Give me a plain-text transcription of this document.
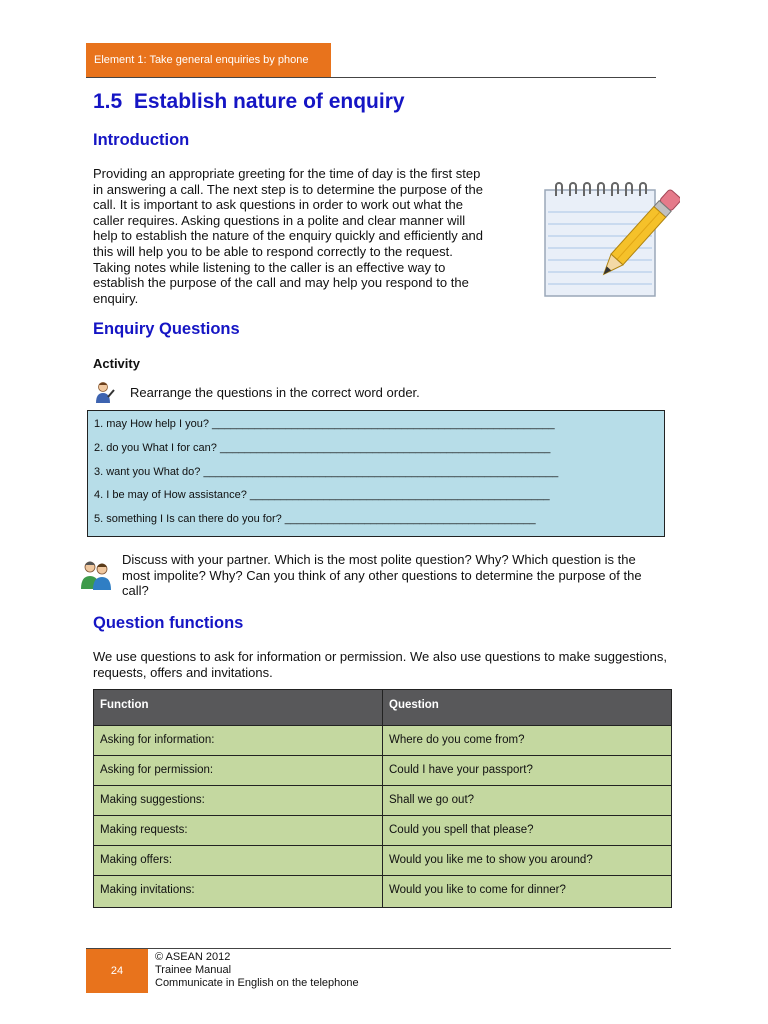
Element 1: Take general enquiries by phone
1.5  Establish nature of enquiry
Introduction
Providing an appropriate greeting for the time of day is the first step in answering a call. The next step is to determine the purpose of the call. It is important to ask questions in order to work out what the caller requires. Asking questions in a polite and clear manner will help to establish the nature of the enquiry quickly and efficiently and this will help you to be able to respond correctly to the request. Taking notes while listening to the caller is an effective way to establish the purpose of the call and may help you respond to the enquiry.
Enquiry Questions
Activity
Rearrange the questions in the correct word order.
1. may How help I you? ________________________________________________________
2. do you What I for can? ______________________________________________________
3. want you What do? __________________________________________________________
4. I be may of How assistance? _________________________________________________
5. something I Is can there do you for? _________________________________________
Discuss with your partner. Which is the most polite question? Why? Which question is the most impolite? Why? Can you think of any other questions to determine the purpose of the call?
Question functions
We use questions to ask for information or permission. We also use questions to make suggestions, requests, offers and invitations.
Function	Question
Asking for information:	Where do you come from?
Asking for permission:	Could I have your passport?
Making suggestions:	Shall we go out?
Making requests:	Could you spell that please?
Making offers:	Would you like me to show you around?
Making invitations:	Would you like to come for dinner?
24
© ASEAN 2012
Trainee Manual
Communicate in English on the telephone
